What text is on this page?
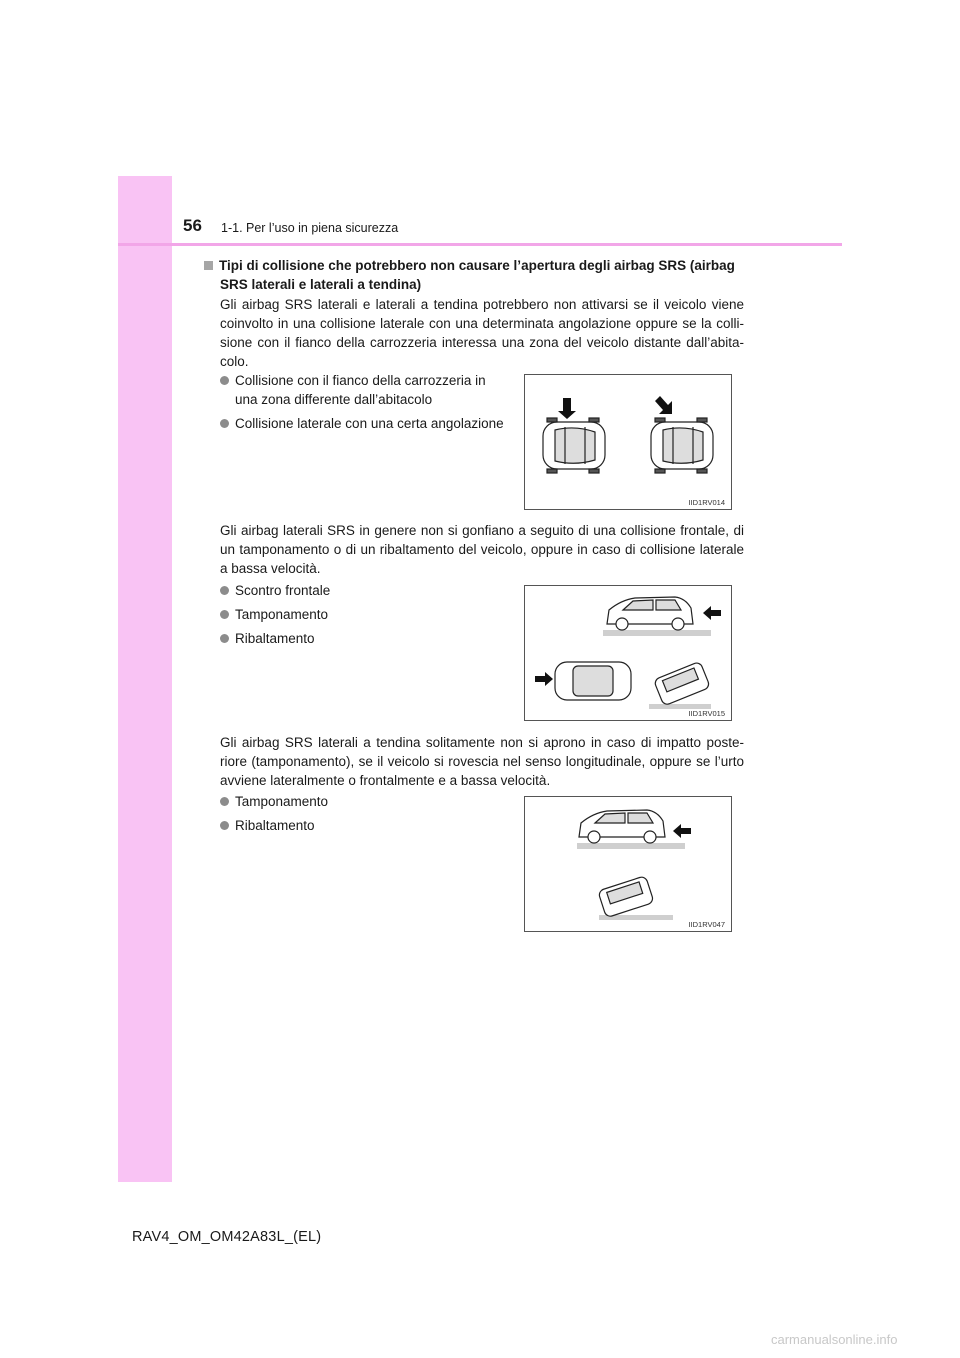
56 1-1. Per l’uso in piena sicurezza
Tipi di collisione che potrebbero non causare l’apertura degli airbag SRS (airbag
SRS laterali e laterali a tendina)
Gli airbag SRS laterali e laterali a tendina potrebbero non attivarsi se il veicolo viene coinvolto in una collisione laterale con una determinata angolazione oppure se la colli-sione con il fianco della carrozzeria interessa una zona del veicolo distante dall’abita-colo.
Collisione con il fianco della carrozzeria in
una zona differente dall’abitacolo
Collisione laterale con una certa angolazione
IID1RV014
Gli airbag laterali SRS in genere non si gonfiano a seguito di una collisione frontale, di un tamponamento o di un ribaltamento del veicolo, oppure in caso di collisione laterale a bassa velocità.
Scontro frontale
Tamponamento
Ribaltamento
IID1RV015
Gli airbag SRS laterali a tendina solitamente non si aprono in caso di impatto poste-riore (tamponamento), se il veicolo si rovescia nel senso longitudinale, oppure se l’urto avviene lateralmente o frontalmente e a bassa velocità.
Tamponamento
Ribaltamento
IID1RV047
RAV4_OM_OM42A83L_(EL)
carmanualsonline.info
